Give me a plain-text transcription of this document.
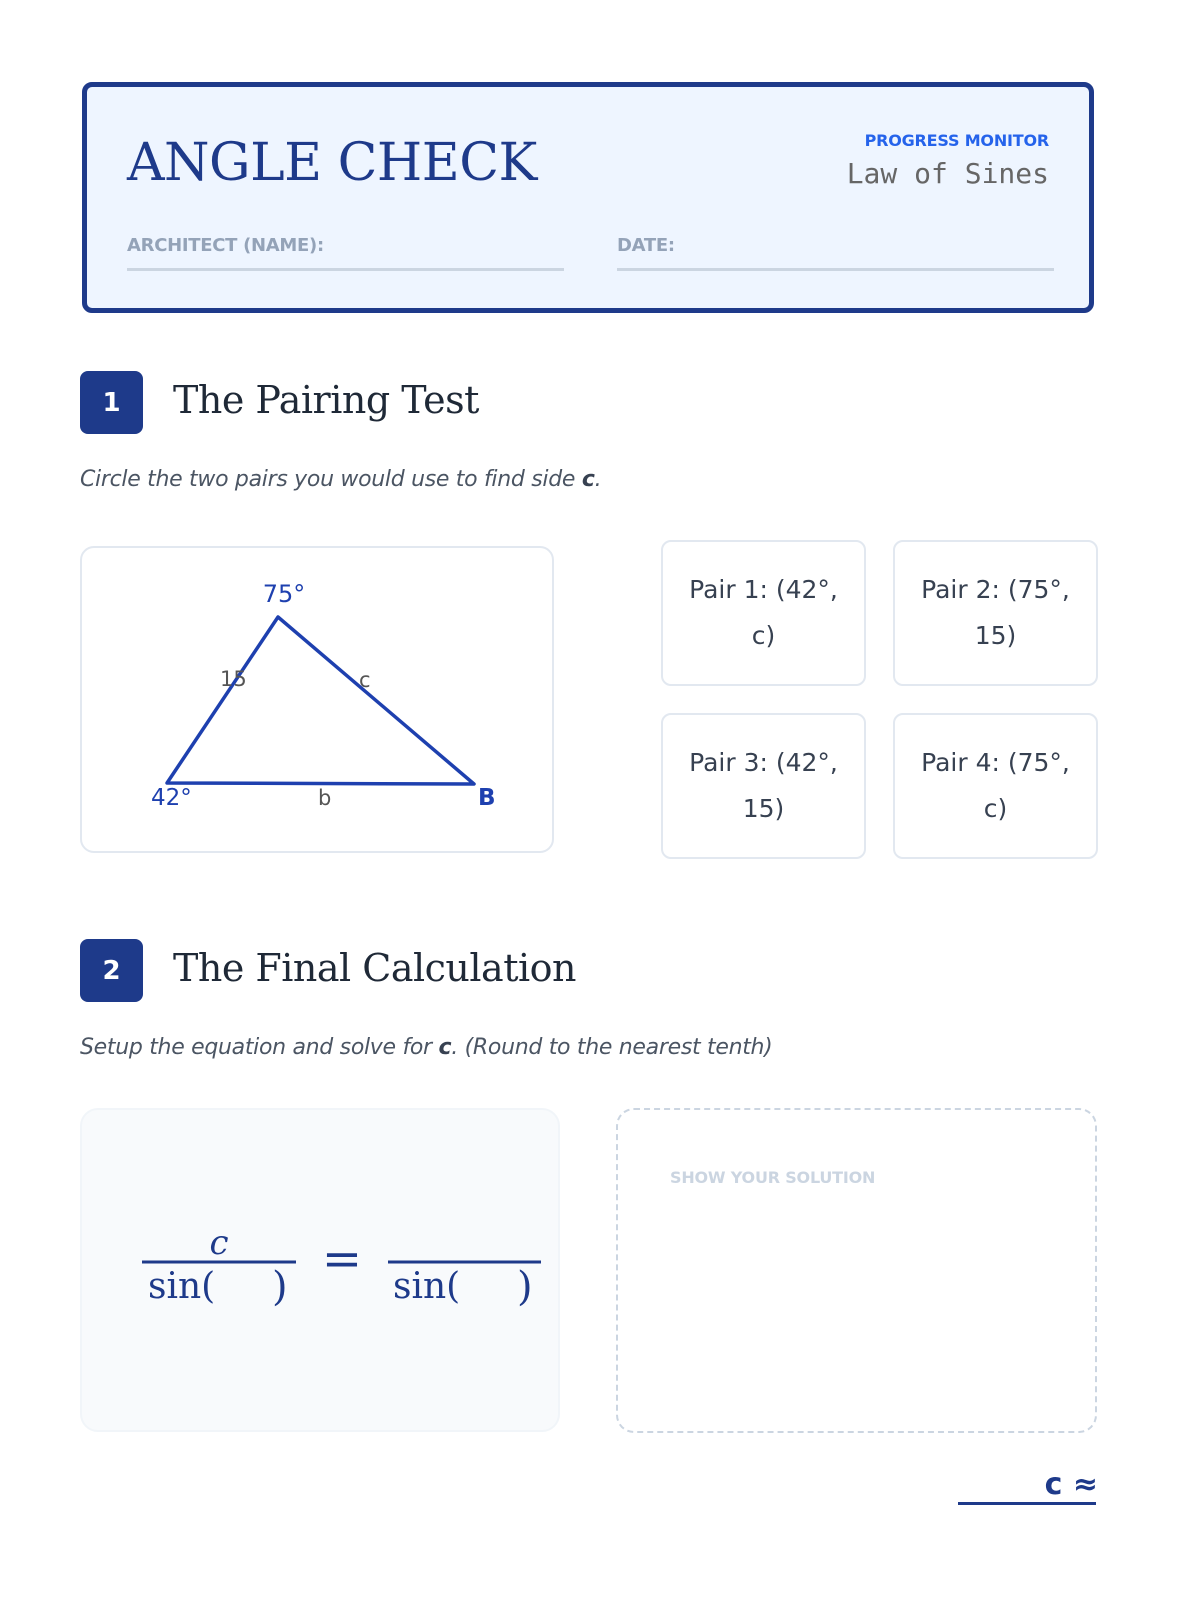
ANGLE CHECK	PROGRESS MONITOR
Law of Sines
ARCHITECT (NAME):	DATE:
1	The Pairing Test
Circle the two pairs you would use to find side c.
75°
42°
15	c
b	B
Pair 1: (42°, c)
Pair 2: (75°, 15)
Pair 3: (42°, 15)
Pair 4: (75°, c)
2	The Final Calculation
Setup the equation and solve for c. (Round to the nearest tenth)
c
sin( ) = sin( )
SHOW YOUR SOLUTION
c ≈
